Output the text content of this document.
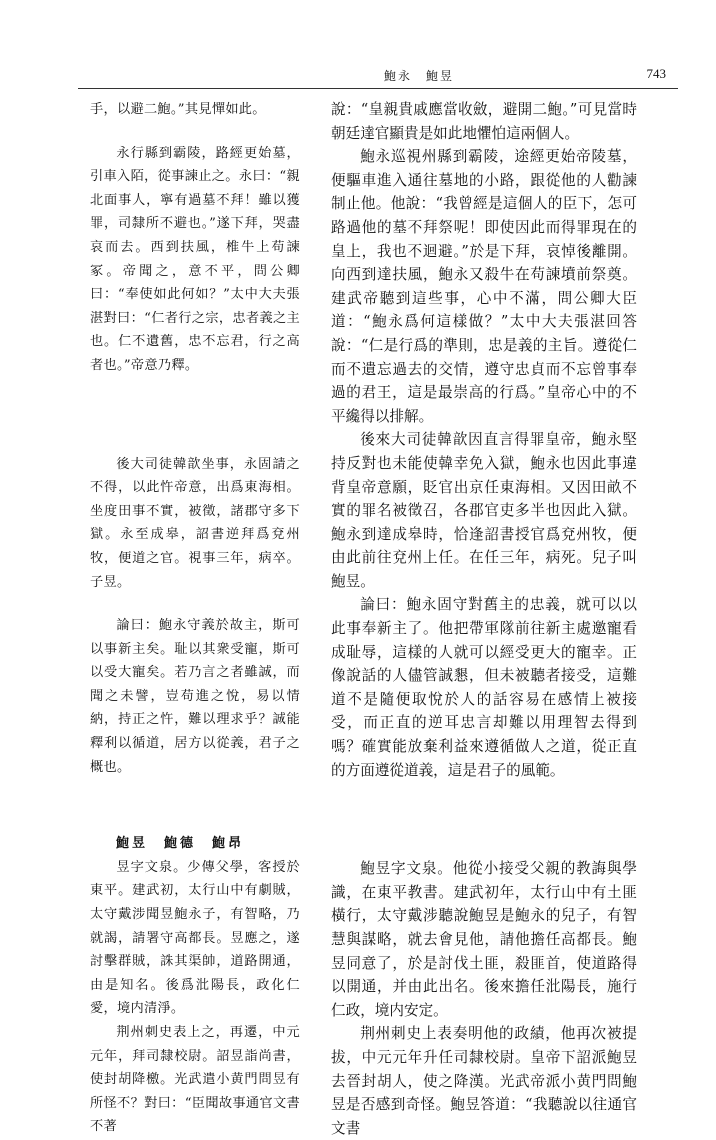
鮑永　鮑昱	743

手，以避二鮑。”其見憚如此。

永行縣到霸陵，路經更始墓，引車入陌，從事諫止之。永曰：“親北面事人，寧有過墓不拜！雖以獲罪，司隸所不避也。”遂下拜，哭盡哀而去。西到扶風，椎牛上苟諫冢。帝聞之，意不平，問公卿曰：“奉使如此何如？”太中大夫張湛對曰：“仁者行之宗，忠者義之主也。仁不遺舊，忠不忘君，行之高者也。”帝意乃釋。

後大司徒韓歆坐事，永固請之不得，以此忤帝意，出爲東海相。坐度田事不實，被徵，諸郡守多下獄。永至成皋，詔書逆拜爲兗州牧，便道之官。視事三年，病卒。子昱。

論曰：鮑永守義於故主，斯可以事新主矣。耻以其衆受寵，斯可以受大寵矣。若乃言之者雖誠，而聞之未譬，豈苟進之悅，易以情納，持正之忤，難以理求乎？誠能釋利以循道，居方以從義，君子之概也。

鮑昱　鮑德　鮑昂

昱字文泉。少傳父學，客授於東平。建武初，太行山中有劇賊，太守戴涉聞昱鮑永子，有智略，乃就謁，請署守高都長。昱應之，遂討擊群賊，誅其渠帥，道路開通，由是知名。後爲沘陽長，政化仁愛，境内清淨。

荆州刺史表上之，再遷，中元元年，拜司隸校尉。詔昱詣尚書，使封胡降檄。光武遣小黄門問昱有所怪不？對曰：“臣聞故事通官文書不著

說：“皇親貴戚應當收斂，避開二鮑。”可見當時朝廷達官顯貴是如此地懼怕這兩個人。

鮑永巡視州縣到霸陵，途經更始帝陵墓，便驅車進入通往墓地的小路，跟從他的人勸諫制止他。他說：“我曾經是這個人的臣下，怎可路過他的墓不拜祭呢！即使因此而得罪現在的皇上，我也不迴避。”於是下拜，哀悼後離開。向西到達扶風，鮑永又殺牛在苟諫墳前祭奠。建武帝聽到這些事，心中不滿，問公卿大臣道：“鮑永爲何這樣做？”太中大夫張湛回答說：“仁是行爲的準則，忠是義的主旨。遵從仁而不遺忘過去的交情，遵守忠貞而不忘曾事奉過的君王，這是最崇高的行爲。”皇帝心中的不平纔得以排解。

後來大司徒韓歆因直言得罪皇帝，鮑永堅持反對也未能使韓幸免入獄，鮑永也因此事違背皇帝意願，貶官出京任東海相。又因田畝不實的罪名被徵召，各郡官吏多半也因此入獄。鮑永到達成皋時，恰逢詔書授官爲兗州牧，便由此前往兗州上任。在任三年，病死。兒子叫鮑昱。

論曰：鮑永固守對舊主的忠義，就可以以此事奉新主了。他把帶軍隊前往新主處邀寵看成耻辱，這樣的人就可以經受更大的寵幸。正像說話的人儘管誠懇，但未被聽者接受，這難道不是隨便取悅於人的話容易在感情上被接受，而正直的逆耳忠言却難以用理智去得到嗎？確實能放棄利益來遵循做人之道，從正直的方面遵從道義，這是君子的風範。

鮑昱字文泉。他從小接受父親的教誨與學識，在東平教書。建武初年，太行山中有土匪橫行，太守戴涉聽說鮑昱是鮑永的兒子，有智慧與謀略，就去會見他，請他擔任高都長。鮑昱同意了，於是討伐土匪，殺匪首，使道路得以開通，并由此出名。後來擔任沘陽長，施行仁政，境内安定。

荆州刺史上表奏明他的政績，他再次被提拔，中元元年升任司隸校尉。皇帝下詔派鮑昱去晉封胡人，使之降漢。光武帝派小黄門問鮑昱是否感到奇怪。鮑昱答道：“我聽說以往通官文書
